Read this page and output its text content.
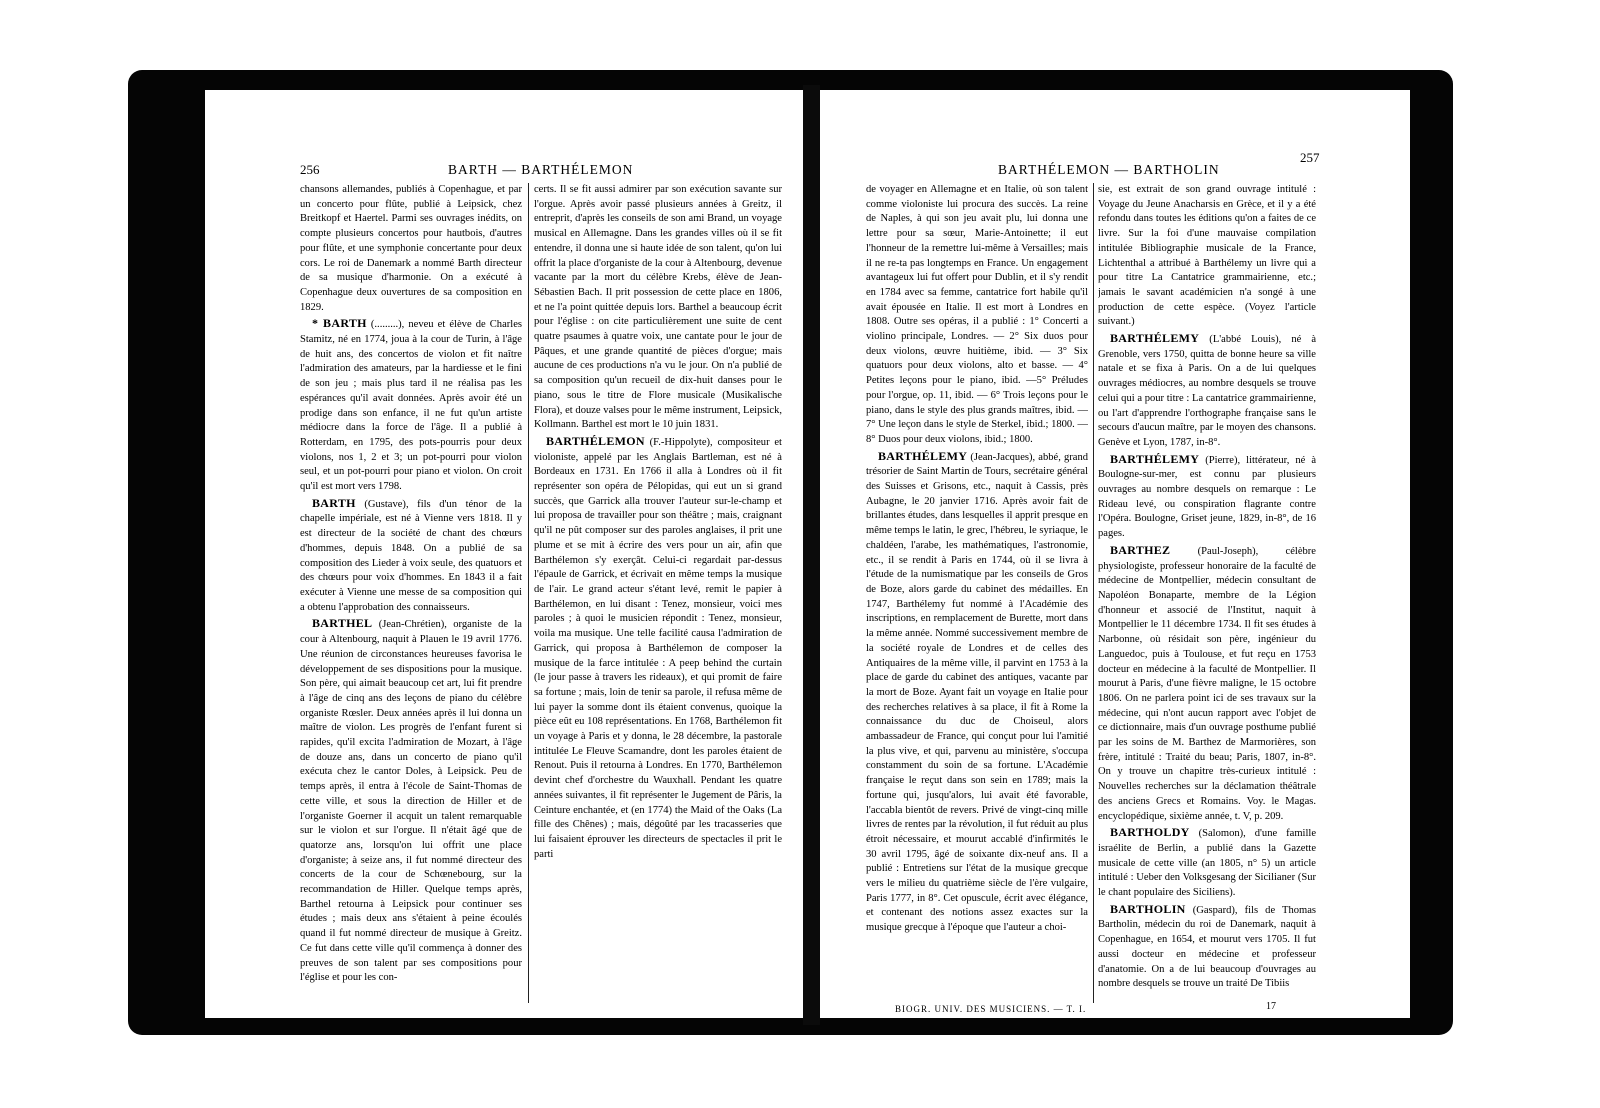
256	BARTH — BARTHÉLEMON

chansons allemandes, publiés à Copenhague, et par un concerto pour flûte, publié à Leipsick, chez Breitkopf et Haertel. Parmi ses ouvrages inédits, on compte plusieurs concertos pour hautbois, d'autres pour flûte, et une symphonie concertante pour deux cors. Le roi de Danemark a nommé Barth directeur de sa musique d'harmonie. On a exécuté à Copenhague deux ouvertures de sa composition en 1829.

* BARTH (.........), neveu et élève de Charles Stamitz, né en 1774, joua à la cour de Turin, à l'âge de huit ans, des concertos de violon et fit naître l'admiration des amateurs, par la hardiesse et le fini de son jeu ; mais plus tard il ne réalisa pas les espérances qu'il avait données. Après avoir été un prodige dans son enfance, il ne fut qu'un artiste médiocre dans la force de l'âge. Il a publié à Rotterdam, en 1795, des pots-pourris pour deux violons, nos 1, 2 et 3; un pot-pourri pour violon seul, et un pot-pourri pour piano et violon. On croit qu'il est mort vers 1798.

BARTH (Gustave), fils d'un ténor de la chapelle impériale, est né à Vienne vers 1818. Il y est directeur de la société de chant des chœurs d'hommes, depuis 1848. On a publié de sa composition des Lieder à voix seule, des quatuors et des chœurs pour voix d'hommes. En 1843 il a fait exécuter à Vienne une messe de sa composition qui a obtenu l'approbation des connaisseurs.

BARTHEL (Jean-Chrétien), organiste de la cour à Altenbourg, naquit à Plauen le 19 avril 1776. Une réunion de circonstances heureuses favorisa le développement de ses dispositions pour la musique. Son père, qui aimait beaucoup cet art, lui fit prendre à l'âge de cinq ans des leçons de piano du célèbre organiste Rœsler. Deux années après il lui donna un maître de violon. Les progrès de l'enfant furent si rapides, qu'il excita l'admiration de Mozart, à l'âge de douze ans, dans un concerto de piano qu'il exécuta chez le cantor Doles, à Leipsick. Peu de temps après, il entra à l'école de Saint-Thomas de cette ville, et sous la direction de Hiller et de l'organiste Goerner il acquit un talent remarquable sur le violon et sur l'orgue. Il n'était âgé que de quatorze ans, lorsqu'on lui offrit une place d'organiste; à seize ans, il fut nommé directeur des concerts de la cour de Schœnebourg, sur la recommandation de Hiller. Quelque temps après, Barthel retourna à Leipsick pour continuer ses études ; mais deux ans s'étaient à peine écoulés quand il fut nommé directeur de musique à Greitz. Ce fut dans cette ville qu'il commença à donner des preuves de son talent par ses compositions pour l'église et pour les con-

certs. Il se fit aussi admirer par son exécution savante sur l'orgue. Après avoir passé plusieurs années à Greitz, il entreprit, d'après les conseils de son ami Brand, un voyage musical en Allemagne. Dans les grandes villes où il se fit entendre, il donna une si haute idée de son talent, qu'on lui offrit la place d'organiste de la cour à Altenbourg, devenue vacante par la mort du célèbre Krebs, élève de Jean-Sébastien Bach. Il prit possession de cette place en 1806, et ne l'a point quittée depuis lors. Barthel a beaucoup écrit pour l'église : on cite particulièrement une suite de cent quatre psaumes à quatre voix, une cantate pour le jour de Pâques, et une grande quantité de pièces d'orgue; mais aucune de ces productions n'a vu le jour. On n'a publié de sa composition qu'un recueil de dix-huit danses pour le piano, sous le titre de Flore musicale (Musikalische Flora), et douze valses pour le même instrument, Leipsick, Kollmann. Barthel est mort le 10 juin 1831.

BARTHÉLEMON (F.-Hippolyte), compositeur et violoniste, appelé par les Anglais Bartleman, est né à Bordeaux en 1731. En 1766 il alla à Londres où il fit représenter son opéra de Pélopidas, qui eut un si grand succès, que Garrick alla trouver l'auteur sur-le-champ et lui proposa de travailler pour son théâtre ; mais, craignant qu'il ne pût composer sur des paroles anglaises, il prit une plume et se mit à écrire des vers pour un air, afin que Barthélemon s'y exerçât. Celui-ci regardait par-dessus l'épaule de Garrick, et écrivait en même temps la musique de l'air. Le grand acteur s'étant levé, remit le papier à Barthélemon, en lui disant : Tenez, monsieur, voici mes paroles ; à quoi le musicien répondit : Tenez, monsieur, voila ma musique. Une telle facilité causa l'admiration de Garrick, qui proposa à Barthélemon de composer la musique de la farce intitulée : A peep behind the curtain (le jour passe à travers les rideaux), et qui promit de faire sa fortune ; mais, loin de tenir sa parole, il refusa même de lui payer la somme dont ils étaient convenus, quoique la pièce eût eu 108 représentations. En 1768, Barthélemon fit un voyage à Paris et y donna, le 28 décembre, la pastorale intitulée Le Fleuve Scamandre, dont les paroles étaient de Renout. Puis il retourna à Londres. En 1770, Barthélemon devint chef d'orchestre du Wauxhall. Pendant les quatre années suivantes, il fit représenter le Jugement de Pâris, la Ceinture enchantée, et (en 1774) the Maid of the Oaks (La fille des Chênes) ; mais, dégoûté par les tracasseries que lui faisaient éprouver les directeurs de spectacles il prit le parti

BARTHÉLEMON — BARTHOLIN
257

de voyager en Allemagne et en Italie, où son talent comme violoniste lui procura des succès. La reine de Naples, à qui son jeu avait plu, lui donna une lettre pour sa sœur, Marie-Antoinette; il eut l'honneur de la remettre lui-même à Versailles; mais il ne re-ta pas longtemps en France. Un engagement avantageux lui fut offert pour Dublin, et il s'y rendit en 1784 avec sa femme, cantatrice fort habile qu'il avait épousée en Italie. Il est mort à Londres en 1808. Outre ses opéras, il a publié : 1° Concerti a violino principale, Londres. — 2° Six duos pour deux violons, œuvre huitième, ibid. — 3° Six quatuors pour deux violons, alto et basse. — 4° Petites leçons pour le piano, ibid. —5° Préludes pour l'orgue, op. 11, ibid. — 6° Trois leçons pour le piano, dans le style des plus grands maîtres, ibid. — 7° Une leçon dans le style de Sterkel, ibid.; 1800. — 8° Duos pour deux violons, ibid.; 1800.

BARTHÉLEMY (Jean-Jacques), abbé, grand trésorier de Saint Martin de Tours, secrétaire général des Suisses et Grisons, etc., naquit à Cassis, près Aubagne, le 20 janvier 1716. Après avoir fait de brillantes études, dans lesquelles il apprit presque en même temps le latin, le grec, l'hébreu, le syriaque, le chaldéen, l'arabe, les mathématiques, l'astronomie, etc., il se rendit à Paris en 1744, où il se livra à l'étude de la numismatique par les conseils de Gros de Boze, alors garde du cabinet des médailles. En 1747, Barthélemy fut nommé à l'Académie des inscriptions, en remplacement de Burette, mort dans la même année. Nommé successivement membre de la société royale de Londres et de celles des Antiquaires de la même ville, il parvint en 1753 à la place de garde du cabinet des antiques, vacante par la mort de Boze. Ayant fait un voyage en Italie pour des recherches relatives à sa place, il fit à Rome la connaissance du duc de Choiseul, alors ambassadeur de France, qui conçut pour lui l'amitié la plus vive, et qui, parvenu au ministère, s'occupa constamment du soin de sa fortune. L'Académie française le reçut dans son sein en 1789; mais la fortune qui, jusqu'alors, lui avait été favorable, l'accabla bientôt de revers. Privé de vingt-cinq mille livres de rentes par la révolution, il fut réduit au plus étroit nécessaire, et mourut accablé d'infirmités le 30 avril 1795, âgé de soixante dix-neuf ans. Il a publié : Entretiens sur l'état de la musique grecque vers le milieu du quatrième siècle de l'ère vulgaire, Paris 1777, in 8°. Cet opuscule, écrit avec élégance, et contenant des notions assez exactes sur la musique grecque à l'époque que l'auteur a choi-

sie, est extrait de son grand ouvrage intitulé : Voyage du Jeune Anacharsis en Grèce, et il y a été refondu dans toutes les éditions qu'on a faites de ce livre. Sur la foi d'une mauvaise compilation intitulée Bibliographie musicale de la France, Lichtenthal a attribué à Barthélemy un livre qui a pour titre La Cantatrice grammairienne, etc.; jamais le savant académicien n'a songé à une production de cette espèce. (Voyez l'article suivant.)

BARTHÉLEMY (L'abbé Louis), né à Grenoble, vers 1750, quitta de bonne heure sa ville natale et se fixa à Paris. On a de lui quelques ouvrages médiocres, au nombre desquels se trouve celui qui a pour titre : La cantatrice grammairienne, ou l'art d'apprendre l'orthographe française sans le secours d'aucun maître, par le moyen des chansons. Genève et Lyon, 1787, in-8°.

BARTHÉLEMY (Pierre), littérateur, né à Boulogne-sur-mer, est connu par plusieurs ouvrages au nombre desquels on remarque : Le Rideau levé, ou conspiration flagrante contre l'Opéra. Boulogne, Griset jeune, 1829, in-8°, de 16 pages.

BARTHEZ (Paul-Joseph), célèbre physiologiste, professeur honoraire de la faculté de médecine de Montpellier, médecin consultant de Napoléon Bonaparte, membre de la Légion d'honneur et associé de l'Institut, naquit à Montpellier le 11 décembre 1734. Il fit ses études à Narbonne, où résidait son père, ingénieur du Languedoc, puis à Toulouse, et fut reçu en 1753 docteur en médecine à la faculté de Montpellier. Il mourut à Paris, d'une fièvre maligne, le 15 octobre 1806. On ne parlera point ici de ses travaux sur la médecine, qui n'ont aucun rapport avec l'objet de ce dictionnaire, mais d'un ouvrage posthume publié par les soins de M. Barthez de Marmorières, son frère, intitulé : Traité du beau; Paris, 1807, in-8°. On y trouve un chapitre très-curieux intitulé : Nouvelles recherches sur la déclamation théâtrale des anciens Grecs et Romains. Voy. le Magas. encyclopédique, sixième année, t. V, p. 209.

BARTHOLDY (Salomon), d'une famille israélite de Berlin, a publié dans la Gazette musicale de cette ville (an 1805, n° 5) un article intitulé : Ueber den Volksgesang der Sicilianer (Sur le chant populaire des Siciliens).

BARTHOLIN (Gaspard), fils de Thomas Bartholin, médecin du roi de Danemark, naquit à Copenhague, en 1654, et mourut vers 1705. Il fut aussi docteur en médecine et professeur d'anatomie. On a de lui beaucoup d'ouvrages au nombre desquels se trouve un traité De Tibiis

BIOGR. UNIV. DES MUSICIENS. — T. I.	17
